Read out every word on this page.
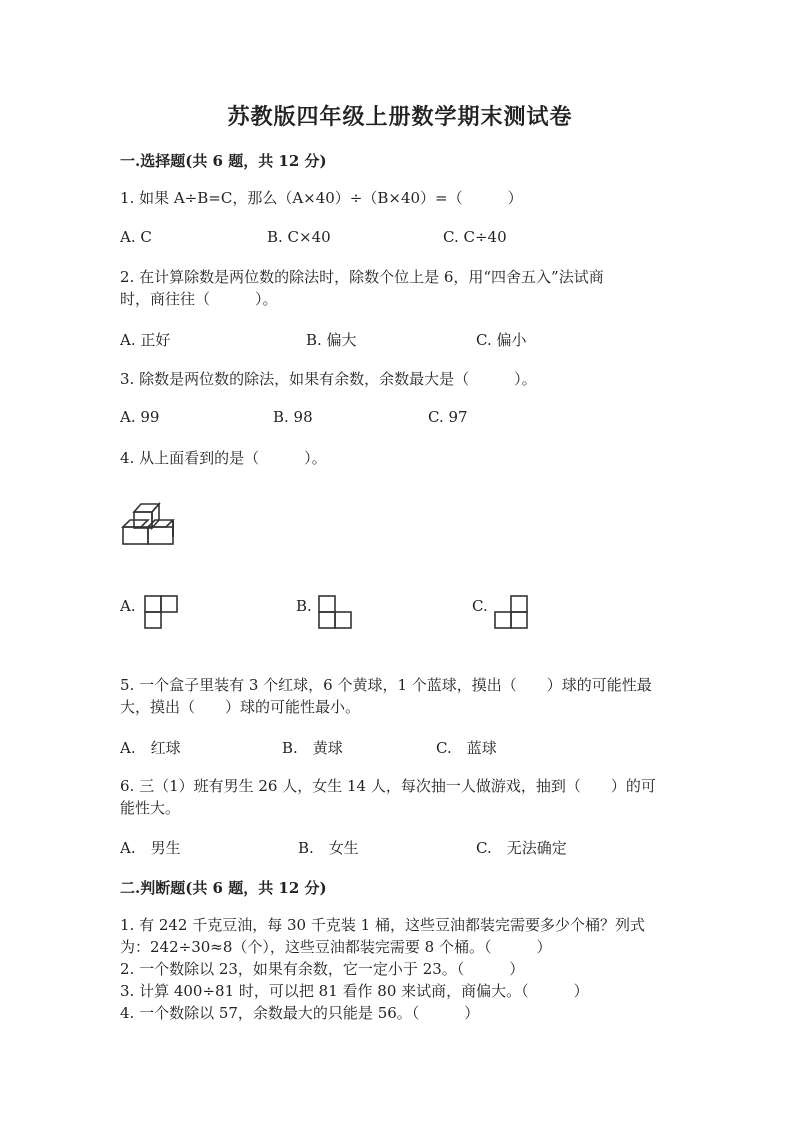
苏教版四年级上册数学期末测试卷
一.选择题(共 6 题，共 12 分)
1. 如果 A÷B=C，那么（A×40）÷（B×40）=（　　　）
A. C	B. C×40	C. C÷40
2. 在计算除数是两位数的除法时，除数个位上是 6，用“四舍五入”法试商
时，商往往（　　　）。
A. 正好	B. 偏大	C. 偏小
3. 除数是两位数的除法，如果有余数，余数最大是（　　　）。
A. 99	B. 98	C. 97
4. 从上面看到的是（　　　）。
A.	B.	C.
5. 一个盒子里装有 3 个红球，6 个黄球，1 个蓝球，摸出（　　）球的可能性最
大，摸出（　　）球的可能性最小。
A.　红球	B.　黄球	C.　蓝球
6. 三（1）班有男生 26 人，女生 14 人，每次抽一人做游戏，抽到（　　）的可
能性大。
A.　男生	B.　女生	C.　无法确定
二.判断题(共 6 题，共 12 分)
1. 有 242 千克豆油，每 30 千克装 1 桶，这些豆油都装完需要多少个桶？列式
为：242÷30≈8（个），这些豆油都装完需要 8 个桶。（　　　）
2. 一个数除以 23，如果有余数，它一定小于 23。（　　　）
3. 计算 400÷81 时，可以把 81 看作 80 来试商，商偏大。（　　　）
4. 一个数除以 57，余数最大的只能是 56。（　　　）
